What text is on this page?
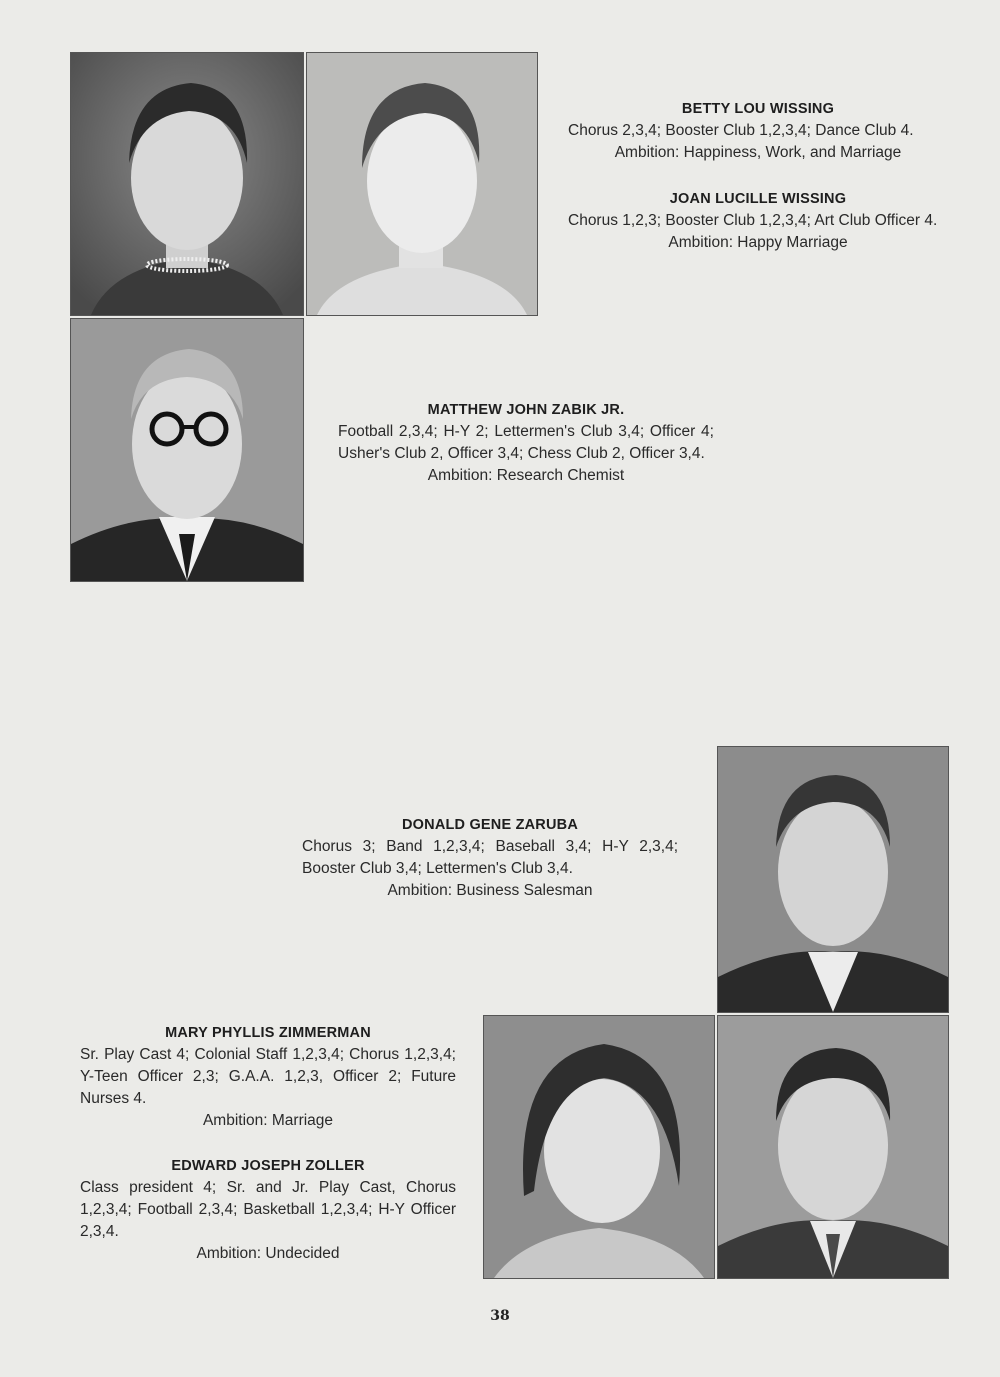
BETTY LOU WISSING
Chorus 2,3,4; Booster Club 1,2,3,4; Dance Club 4.
Ambition: Happiness, Work, and Marriage
JOAN LUCILLE WISSING
Chorus 1,2,3; Booster Club 1,2,3,4; Art Club Officer 4.
Ambition: Happy Marriage
MATTHEW JOHN ZABIK JR.
Football 2,3,4; H-Y 2; Lettermen's Club 3,4; Officer 4; Usher's Club 2, Officer 3,4; Chess Club 2, Officer 3,4.
Ambition: Research Chemist
DONALD GENE ZARUBA
Chorus 3; Band 1,2,3,4; Baseball 3,4; H-Y 2,3,4; Booster Club 3,4; Lettermen's Club 3,4.
Ambition: Business Salesman
MARY PHYLLIS ZIMMERMAN
Sr. Play Cast 4; Colonial Staff 1,2,3,4; Chorus 1,2,3,4; Y-Teen Officer 2,3; G.A.A. 1,2,3, Officer 2; Future Nurses 4.
Ambition: Marriage
EDWARD JOSEPH ZOLLER
Class president 4; Sr. and Jr. Play Cast, Chorus 1,2,3,4; Football 2,3,4; Basketball 1,2,3,4; H-Y Officer 2,3,4.
Ambition: Undecided
38
